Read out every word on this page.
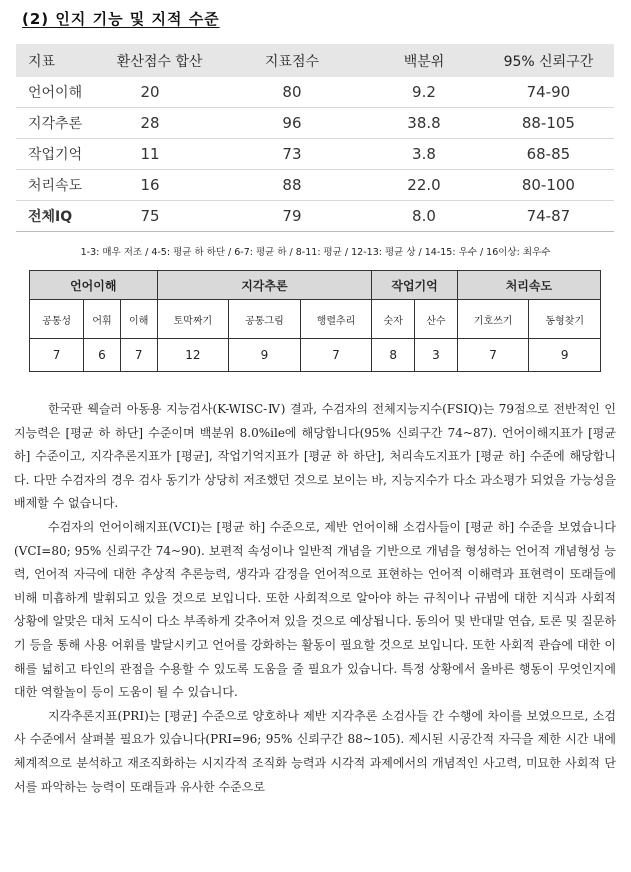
(2) 인지 기능 및 지적 수준
지표	환산점수 합산	지표점수	백분위	95% 신뢰구간
언어이해	20	80	9.2	74-90
지각추론	28	96	38.8	88-105
작업기억	11	73	3.8	68-85
처리속도	16	88	22.0	80-100
전체IQ	75	79	8.0	74-87
1-3: 매우 저조 / 4-5: 평균 하 하단 / 6-7: 평균 하 / 8-11: 평균 / 12-13: 평균 상 / 14-15: 우수 / 16이상: 최우수
언어이해			지각추론			작업기억		처리속도	
공통성	어휘	이해	토막짜기	공통그림	행렬추리	숫자	산수	기호쓰기	동형찾기
7	6	7	12	9	7	8	3	7	9

한국판 웩슬러 아동용 지능검사(K-WISC-Ⅳ) 결과, 수검자의 전체지능지수(FSIQ)는 79점으로 전반적인 인지능력은 [평균 하 하단] 수준이며 백분위 8.0%ile에 해당합니다(95% 신뢰구간 74~87). 언어이해지표가 [평균 하] 수준이고, 지각추론지표가 [평균], 작업기억지표가 [평균 하 하단], 처리속도지표가 [평균 하] 수준에 해당합니다. 다만 수검자의 경우 검사 동기가 상당히 저조했던 것으로 보이는 바, 지능지수가 다소 과소평가 되었을 가능성을 배제할 수 없습니다.

수검자의 언어이해지표(VCI)는 [평균 하] 수준으로, 제반 언어이해 소검사들이 [평균 하] 수준을 보였습니다(VCI=80; 95% 신뢰구간 74~90). 보편적 속성이나 일반적 개념을 기반으로 개념을 형성하는 언어적 개념형성 능력, 언어적 자극에 대한 추상적 추론능력, 생각과 감정을 언어적으로 표현하는 언어적 이해력과 표현력이 또래들에 비해 미흡하게 발휘되고 있을 것으로 보입니다. 또한 사회적으로 알아야 하는 규칙이나 규범에 대한 지식과 사회적 상황에 알맞은 대처 도식이 다소 부족하게 갖추어져 있을 것으로 예상됩니다. 동의어 및 반대말 연습, 토론 및 질문하기 등을 통해 사용 어휘를 발달시키고 언어를 강화하는 활동이 필요할 것으로 보입니다. 또한 사회적 관습에 대한 이해를 넓히고 타인의 관점을 수용할 수 있도록 도움을 줄 필요가 있습니다. 특정 상황에서 올바른 행동이 무엇인지에 대한 역할놀이 등이 도움이 될 수 있습니다.

지각추론지표(PRI)는 [평균] 수준으로 양호하나 제반 지각추론 소검사들 간 수행에 차이를 보였으므로, 소검사 수준에서 살펴볼 필요가 있습니다(PRI=96; 95% 신뢰구간 88~105). 제시된 시공간적 자극을 제한 시간 내에 체계적으로 분석하고 재조직화하는 시지각적 조직화 능력과 시각적 과제에서의 개념적인 사고력, 미묘한 사회적 단서를 파악하는 능력이 또래들과 유사한 수준으로
